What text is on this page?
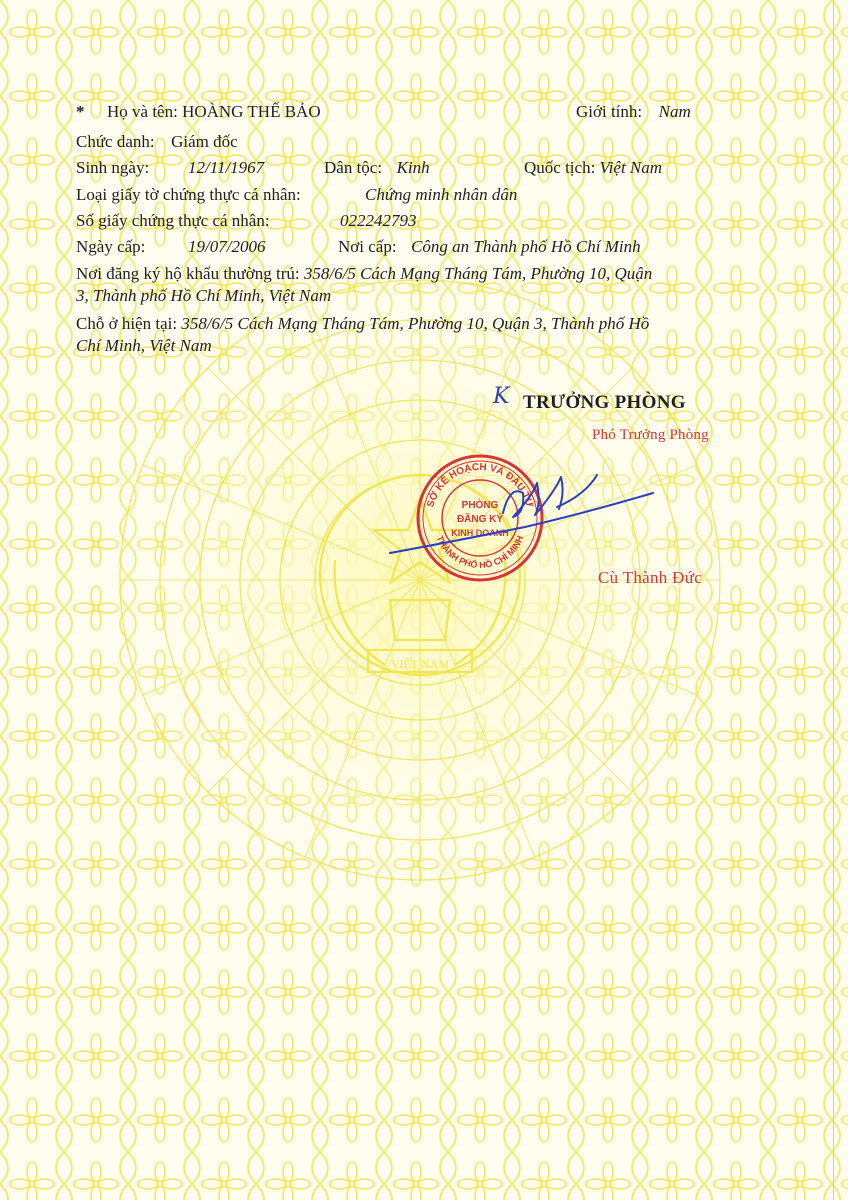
VIỆT NAM
* Họ và tên: HOÀNG THẾ BẢO	Giới tính: Nam
Chức danh: Giám đốc
Sinh ngày: 12/11/1967	Dân tộc: Kinh	Quốc tịch: Việt Nam
Loại giấy tờ chứng thực cá nhân:	Chứng minh nhân dân
Số giấy chứng thực cá nhân:	022242793
Ngày cấp:	19/07/2006	Nơi cấp: Công an Thành phố Hồ Chí Minh
Nơi đăng ký hộ khẩu thường trú: 358/6/5 Cách Mạng Tháng Tám, Phường 10, Quận
3, Thành phố Hồ Chí Minh, Việt Nam
Chỗ ở hiện tại: 358/6/5 Cách Mạng Tháng Tám, Phường 10, Quận 3, Thành phố Hồ
Chí Minh, Việt Nam
K TRƯỞNG PHÒNG
Phó Trưởng Phòng
SỞ KẾ HOẠCH VÀ ĐẦU TƯ
THÀNH PHỐ HỒ CHÍ MINH
PHÒNG
ĐĂNG KÝ
KINH DOANH
Cù Thành Đức
